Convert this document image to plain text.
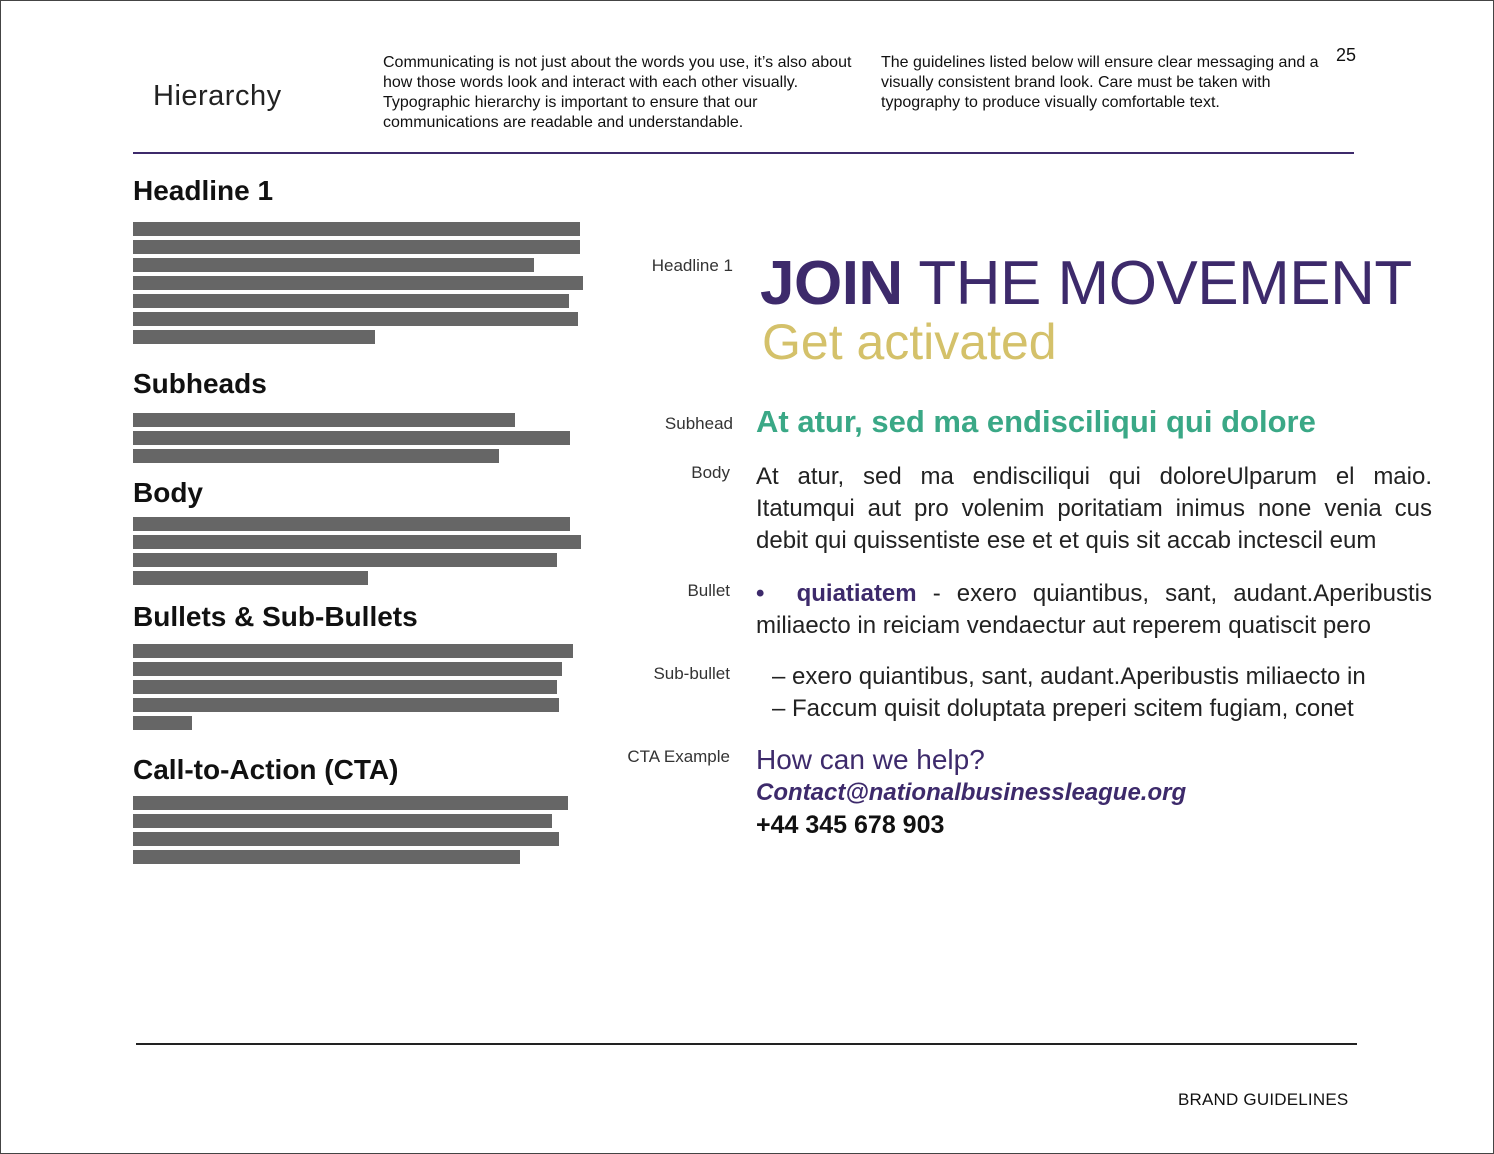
Hierarchy
Communicating is not just about the words you use, it’s also about how those words look and interact with each other visually. Typographic hierarchy is important to ensure that our communications are readable and understandable.
The guidelines listed below will ensure clear messaging and a visually consistent brand look. Care must be taken with typography to produce visually comfortable text.
25
Headline 1
Subheads
Body
Bullets & Sub-Bullets
Call-to-Action (CTA)
Headline 1
Subhead
Body
Bullet
Sub-bullet
CTA Example
JOIN THE MOVEMENT
Get activated
At atur, sed ma endisciliqui qui dolore
At atur, sed ma endisciliqui qui doloreUlparum el maio. Itatumqui aut pro volenim poritatiam inimus none venia cus debit qui quissentiste ese et et quis sit accab inctescil eum
• quiatiatem - exero quiantibus, sant, audant.Aperibustis miliaecto in reiciam vendaectur aut reperem quatiscit pero
– exero quiantibus, sant, audant.Aperibustis miliaecto in
– Faccum quisit doluptata preperi scitem fugiam, conet
How can we help?
Contact@nationalbusinessleague.org
+44 345 678 903
BRAND GUIDELINES
